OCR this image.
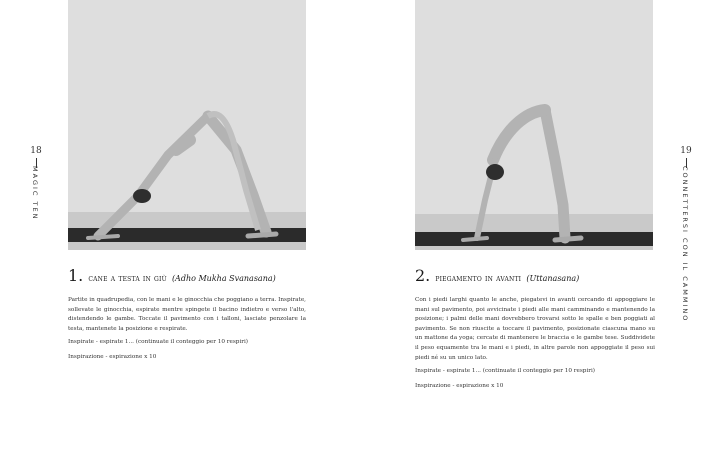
18
MAGIC TEN
1. cane a testa in giù (Adho Mukha Svanasana)

Partite in quadrupedia, con le mani e le ginocchia che poggiano a terra. Inspirate, sollevate le ginocchia, espirate mentre spingete il bacino indietro e verso l'alto, distendendo le gambe. Toccate il pavimento con i talloni, lasciate penzolare la testa, mantenete la posizione e respirate.

Inspirate - espirate 1... (continuate il conteggio per 10 respiri)

Inspirazione - espirazione x 10

19
CONNETTERSI CON IL CAMMINO
2. piegamento in avanti (Uttanasana)

Con i piedi larghi quanto le anche, piegatevi in avanti cercando di appoggiare le mani sul pavimento, poi avvicinate i piedi alle mani camminando e mantenendo la posizione; i palmi delle mani dovrebbero trovarsi sotto le spalle e ben poggiati al pavimento. Se non riuscite a toccare il pavimento, posizionate ciascuna mano su un mattone da yoga; cercate di mantenere le braccia e le gambe tese. Suddividete il peso equamente tra le mani e i piedi, in altre parole non appoggiate il peso sui piedi né su un unico lato.

Inspirate - espirate 1... (continuate il conteggio per 10 respiri)

Inspirazione - espirazione x 10
